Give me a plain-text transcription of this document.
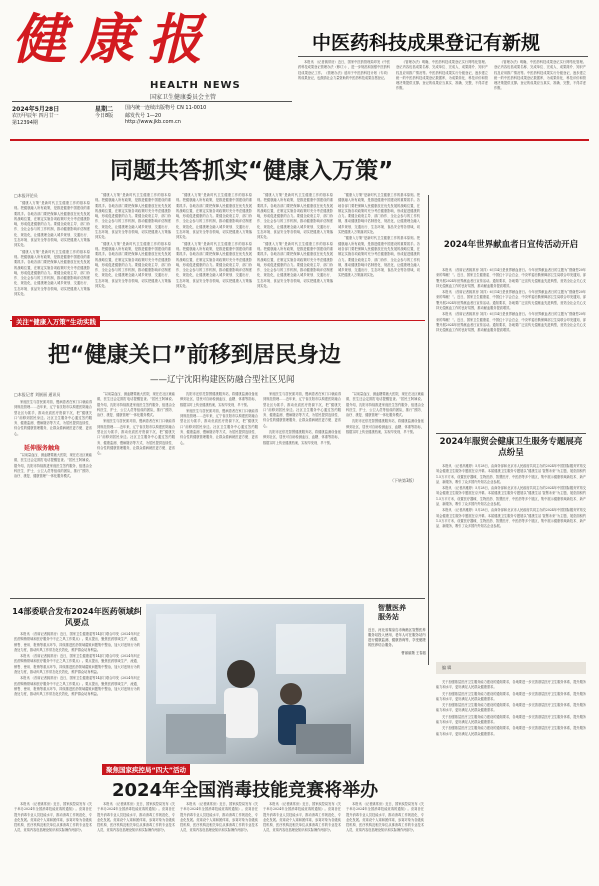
健康报
HEALTH NEWS
国家卫生健康委员会主管
2024年5月28日
农历甲辰年 四月廿一
第12394期
星期二
今日8版
国内统一连续出版物号 CN 11-0010
邮发代号 1—20
http://www.jkb.com.cn
中医药科技成果登记有新规

本报讯 （记者姚常房）近日，国家中医药管理局印发《中医药科技成果登记管理办法（修订）》，进一步规范和加强中医药科技成果登记工作。《管理办法》适用于中医药科技计划（专项）的成果登记，也鼓励社会力量资助的中医药科技成果自愿登记。

《管理办法》明确，中医药科技成果登记实行网络化管理。登记内容包括成果名称、完成单位、完成人、成果简介、知识产权及应用推广情况等。中医药科技成果实行分级登记，逐步建立统一的中医药科技成果登记数据库，为成果转化、科技评价和管理决策提供支撑。登记的成果应当真实、准确、完整，不得弄虚作假。

《管理办法》明确，中医药科技成果登记实行网络化管理。登记内容包括成果名称、完成单位、完成人、成果简介、知识产权及应用推广情况等。中医药科技成果实行分级登记，逐步建立统一的中医药科技成果登记数据库，为成果转化、科技评价和管理决策提供支撑。登记的成果应当真实、准确、完整，不得弄虚作假。

同题共答抓实“健康入万策”
□本报评论员

“健康入万策”是新时代卫生健康工作的基本原则。把健康融入所有政策，是推进健康中国建设的重要抓手。各地各部门要把保障人民健康放在优先发展的战略位置，在制定实施各项政策时充分考虑健康影响，形成促进健康的合力。要健全政府主导、部门协作、全社会参与的工作机制，推动健康影响评估制度化、规范化，让健康理念融入城乡规划、交通出行、生态环境、食品安全等各领域，切实把健康入万策落到实处。

“健康入万策”是新时代卫生健康工作的基本原则。把健康融入所有政策，是推进健康中国建设的重要抓手。各地各部门要把保障人民健康放在优先发展的战略位置，在制定实施各项政策时充分考虑健康影响，形成促进健康的合力。要健全政府主导、部门协作、全社会参与的工作机制，推动健康影响评估制度化、规范化，让健康理念融入城乡规划、交通出行、生态环境、食品安全等各领域，切实把健康入万策落到实处。

“健康入万策”是新时代卫生健康工作的基本原则。把健康融入所有政策，是推进健康中国建设的重要抓手。各地各部门要把保障人民健康放在优先发展的战略位置，在制定实施各项政策时充分考虑健康影响，形成促进健康的合力。要健全政府主导、部门协作、全社会参与的工作机制，推动健康影响评估制度化、规范化，让健康理念融入城乡规划、交通出行、生态环境、食品安全等各领域，切实把健康入万策落到实处。

“健康入万策”是新时代卫生健康工作的基本原则。把健康融入所有政策，是推进健康中国建设的重要抓手。各地各部门要把保障人民健康放在优先发展的战略位置，在制定实施各项政策时充分考虑健康影响，形成促进健康的合力。要健全政府主导、部门协作、全社会参与的工作机制，推动健康影响评估制度化、规范化，让健康理念融入城乡规划、交通出行、生态环境、食品安全等各领域，切实把健康入万策落到实处。

“健康入万策”是新时代卫生健康工作的基本原则。把健康融入所有政策，是推进健康中国建设的重要抓手。各地各部门要把保障人民健康放在优先发展的战略位置，在制定实施各项政策时充分考虑健康影响，形成促进健康的合力。要健全政府主导、部门协作、全社会参与的工作机制，推动健康影响评估制度化、规范化，让健康理念融入城乡规划、交通出行、生态环境、食品安全等各领域，切实把健康入万策落到实处。

“健康入万策”是新时代卫生健康工作的基本原则。把健康融入所有政策，是推进健康中国建设的重要抓手。各地各部门要把保障人民健康放在优先发展的战略位置，在制定实施各项政策时充分考虑健康影响，形成促进健康的合力。要健全政府主导、部门协作、全社会参与的工作机制，推动健康影响评估制度化、规范化，让健康理念融入城乡规划、交通出行、生态环境、食品安全等各领域，切实把健康入万策落到实处。

“健康入万策”是新时代卫生健康工作的基本原则。把健康融入所有政策，是推进健康中国建设的重要抓手。各地各部门要把保障人民健康放在优先发展的战略位置，在制定实施各项政策时充分考虑健康影响，形成促进健康的合力。要健全政府主导、部门协作、全社会参与的工作机制，推动健康影响评估制度化、规范化，让健康理念融入城乡规划、交通出行、生态环境、食品安全等各领域，切实把健康入万策落到实处。

“健康入万策”是新时代卫生健康工作的基本原则。把健康融入所有政策，是推进健康中国建设的重要抓手。各地各部门要把保障人民健康放在优先发展的战略位置，在制定实施各项政策时充分考虑健康影响，形成促进健康的合力。要健全政府主导、部门协作、全社会参与的工作机制，推动健康影响评估制度化、规范化，让健康理念融入城乡规划、交通出行、生态环境、食品安全等各领域，切实把健康入万策落到实处。

“健康入万策”是新时代卫生健康工作的基本原则。把健康融入所有政策，是推进健康中国建设的重要抓手。各地各部门要把保障人民健康放在优先发展的战略位置，在制定实施各项政策时充分考虑健康影响，形成促进健康的合力。要健全政府主导、部门协作、全社会参与的工作机制，推动健康影响评估制度化、规范化，让健康理念融入城乡规划、交通出行、生态环境、食品安全等各领域，切实把健康入万策落到实处。

“健康入万策”是新时代卫生健康工作的基本原则。把健康融入所有政策，是推进健康中国建设的重要抓手。各地各部门要把保障人民健康放在优先发展的战略位置，在制定实施各项政策时充分考虑健康影响，形成促进健康的合力。要健全政府主导、部门协作、全社会参与的工作机制，推动健康影响评估制度化、规范化，让健康理念融入城乡规划、交通出行、生态环境、食品安全等各领域，切实把健康入万策落到实处。

2024年世界献血者日宣传活动开启

本报讯 （首席记者姚常房 刘洋）6月14日是世界献血者日。今年世界献血者日的主题为“感谢您20年来的奉献！”。近日，国家卫生健康委、中国红十字会总会、中央军委后勤保障部卫生局联合印发通知，部署开展2024年世界献血者日宣传活动。通知要求，各地要广泛宣传无偿献血先进典型，营造全社会关心支持无偿献血工作的良好氛围，推动献血服务提质增效。

本报讯 （首席记者姚常房 刘洋）6月14日是世界献血者日。今年世界献血者日的主题为“感谢您20年来的奉献！”。近日，国家卫生健康委、中国红十字会总会、中央军委后勤保障部卫生局联合印发通知，部署开展2024年世界献血者日宣传活动。通知要求，各地要广泛宣传无偿献血先进典型，营造全社会关心支持无偿献血工作的良好氛围，推动献血服务提质增效。

本报讯 （首席记者姚常房 刘洋）6月14日是世界献血者日。今年世界献血者日的主题为“感谢您20年来的奉献！”。近日，国家卫生健康委、中国红十字会总会、中央军委后勤保障部卫生局联合印发通知，部署开展2024年世界献血者日宣传活动。通知要求，各地要广泛宣传无偿献血先进典型，营造全社会关心支持无偿献血工作的良好氛围，推动献血服务提质增效。

2024年服贸会健康卫生服务专题展亮点纷呈

本报讯 （记者高雅婷）5月28日，由商务部和北京市人民政府共同主办的2024年中国国际服务贸易交易会健康卫生服务专题展在京开幕。本届健康卫生服务专题展以“健康生活 智慧未来”为主题，展览面积约1.5万平方米，设置医疗器械、生物医药、智慧医疗、中医药等多个展区，集中展示健康领域新技术、新产品、新服务，吸引了众多国内外知名企业参展。

本报讯 （记者高雅婷）5月28日，由商务部和北京市人民政府共同主办的2024年中国国际服务贸易交易会健康卫生服务专题展在京开幕。本届健康卫生服务专题展以“健康生活 智慧未来”为主题，展览面积约1.5万平方米，设置医疗器械、生物医药、智慧医疗、中医药等多个展区，集中展示健康领域新技术、新产品、新服务，吸引了众多国内外知名企业参展。

本报讯 （记者高雅婷）5月28日，由商务部和北京市人民政府共同主办的2024年中国国际服务贸易交易会健康卫生服务专题展在京开幕。本届健康卫生服务专题展以“健康生活 智慧未来”为主题，展览面积约1.5万平方米，设置医疗器械、生物医药、智慧医疗、中医药等多个展区，集中展示健康领域新技术、新产品、新服务，吸引了众多国内外知名企业参展。

关注“健康入万策”生动实践
把“健康关口”前移到居民身边
——辽宁沈阳构建医防融合型社区见闻
□本报记者 刘嵌丽 通讯员

家庭医生与居民面对面，慢病患者在家门口就能得到规范管理……近年来，辽宁省沈阳市以构建医防融合型社区为抓手，推动优质医疗资源下沉，把“健康关口”前移到居民身边。社区卫生服务中心通过签约服务、健康监测、慢病随访等方式，为居民提供连续性、综合性的健康管理服务，让群众看病就医更方便、更省心。

延伸服务触角

“以前量血压、测血糖要跑大医院，现在在社区就能做，医生还会定期打电话提醒复查。”居民王阿姨说。据介绍，沈阳市持续推进家庭医生签约服务，组建由全科医生、护士、公卫人员等组成的团队，推行“预防、治疗、康复、健康管理”一体化服务模式。

“以前量血压、测血糖要跑大医院，现在在社区就能做，医生还会定期打电话提醒复查。”居民王阿姨说。据介绍，沈阳市持续推进家庭医生签约服务，组建由全科医生、护士、公卫人员等组成的团队，推行“预防、治疗、康复、健康管理”一体化服务模式。

家庭医生与居民面对面，慢病患者在家门口就能得到规范管理……近年来，辽宁省沈阳市以构建医防融合型社区为抓手，推动优质医疗资源下沉，把“健康关口”前移到居民身边。社区卫生服务中心通过签约服务、健康监测、慢病随访等方式，为居民提供连续性、综合性的健康管理服务，让群众看病就医更方便、更省心。

沈阳市还依托智慧健康服务站，将健康监测设备延伸到社区，居民可自助检测血压、血糖、体重等指标，数据实时上传至健康档案，实现早发现、早干预。

家庭医生与居民面对面，慢病患者在家门口就能得到规范管理……近年来，辽宁省沈阳市以构建医防融合型社区为抓手，推动优质医疗资源下沉，把“健康关口”前移到居民身边。社区卫生服务中心通过签约服务、健康监测、慢病随访等方式，为居民提供连续性、综合性的健康管理服务，让群众看病就医更方便、更省心。

家庭医生与居民面对面，慢病患者在家门口就能得到规范管理……近年来，辽宁省沈阳市以构建医防融合型社区为抓手，推动优质医疗资源下沉，把“健康关口”前移到居民身边。社区卫生服务中心通过签约服务、健康监测、慢病随访等方式，为居民提供连续性、综合性的健康管理服务，让群众看病就医更方便、更省心。

沈阳市还依托智慧健康服务站，将健康监测设备延伸到社区，居民可自助检测血压、血糖、体重等指标，数据实时上传至健康档案，实现早发现、早干预。

“以前量血压、测血糖要跑大医院，现在在社区就能做，医生还会定期打电话提醒复查。”居民王阿姨说。据介绍，沈阳市持续推进家庭医生签约服务，组建由全科医生、护士、公卫人员等组成的团队，推行“预防、治疗、康复、健康管理”一体化服务模式。

沈阳市还依托智慧健康服务站，将健康监测设备延伸到社区，居民可自助检测血压、血糖、体重等指标，数据实时上传至健康档案，实现早发现、早干预。

（下转第3版）
14部委联合发布2024年医药领域纠风要点

本报讯 （首席记者姚常房）近日，国家卫生健康委等14部门联合印发《2024年纠正医药购销领域和医疗服务中不正之风工作要点》。要点提出，聚焦医药领域生产、流通、销售、使用、报销等重点环节，持续推进医药领域腐败问题集中整治，加大对违规行为的查处力度，推动纠风工作常态化长效化，维护群众切身利益。

本报讯 （首席记者姚常房）近日，国家卫生健康委等14部门联合印发《2024年纠正医药购销领域和医疗服务中不正之风工作要点》。要点提出，聚焦医药领域生产、流通、销售、使用、报销等重点环节，持续推进医药领域腐败问题集中整治，加大对违规行为的查处力度，推动纠风工作常态化长效化，维护群众切身利益。

本报讯 （首席记者姚常房）近日，国家卫生健康委等14部门联合印发《2024年纠正医药购销领域和医疗服务中不正之风工作要点》。要点提出，聚焦医药领域生产、流通、销售、使用、报销等重点环节，持续推进医药领域腐败问题集中整治，加大对违规行为的查处力度，推动纠风工作常态化长效化，维护群众切身利益。

智慧医养服务站
近日，河北省秦皇岛市海港区智慧医养服务站投入使用，老年人可在服务站内进行健康监测、健康咨询等，享受便捷的医养结合服务。
曹丽丽摄 王春振
聚焦国家疾控局“四大”活动
2024年全国消毒技能竞赛将举办

本报讯 （记者姚常房）近日，国家疾控局发布《关于举办2024年全国消毒技能竞赛的通知》。竞赛旨在提升消毒专业人员技能水平，推动消毒工作规范化、专业化发展。竞赛设个人赛和团体赛，参赛对象为各级疾控机构、医疗机构及相关单位从事消毒工作的专业技术人员，竞赛内容包括理论知识和实际操作两部分。

本报讯 （记者姚常房）近日，国家疾控局发布《关于举办2024年全国消毒技能竞赛的通知》。竞赛旨在提升消毒专业人员技能水平，推动消毒工作规范化、专业化发展。竞赛设个人赛和团体赛，参赛对象为各级疾控机构、医疗机构及相关单位从事消毒工作的专业技术人员，竞赛内容包括理论知识和实际操作两部分。

本报讯 （记者姚常房）近日，国家疾控局发布《关于举办2024年全国消毒技能竞赛的通知》。竞赛旨在提升消毒专业人员技能水平，推动消毒工作规范化、专业化发展。竞赛设个人赛和团体赛，参赛对象为各级疾控机构、医疗机构及相关单位从事消毒工作的专业技术人员，竞赛内容包括理论知识和实际操作两部分。

本报讯 （记者姚常房）近日，国家疾控局发布《关于举办2024年全国消毒技能竞赛的通知》。竞赛旨在提升消毒专业人员技能水平，推动消毒工作规范化、专业化发展。竞赛设个人赛和团体赛，参赛对象为各级疾控机构、医疗机构及相关单位从事消毒工作的专业技术人员，竞赛内容包括理论知识和实际操作两部分。

本报讯 （记者姚常房）近日，国家疾控局发布《关于举办2024年全国消毒技能竞赛的通知》。竞赛旨在提升消毒专业人员技能水平，推动消毒工作规范化、专业化发展。竞赛设个人赛和团体赛，参赛对象为各级疾控机构、医疗机构及相关单位从事消毒工作的专业技术人员，竞赛内容包括理论知识和实际操作两部分。

编 辑

关于加强基层医疗卫生服务能力建设的通知要求，各地要进一步完善基层医疗卫生服务体系，提升服务能力和水平，更好满足人民群众健康需求。

关于加强基层医疗卫生服务能力建设的通知要求，各地要进一步完善基层医疗卫生服务体系，提升服务能力和水平，更好满足人民群众健康需求。

关于加强基层医疗卫生服务能力建设的通知要求，各地要进一步完善基层医疗卫生服务体系，提升服务能力和水平，更好满足人民群众健康需求。

关于加强基层医疗卫生服务能力建设的通知要求，各地要进一步完善基层医疗卫生服务体系，提升服务能力和水平，更好满足人民群众健康需求。

关于加强基层医疗卫生服务能力建设的通知要求，各地要进一步完善基层医疗卫生服务体系，提升服务能力和水平，更好满足人民群众健康需求。
